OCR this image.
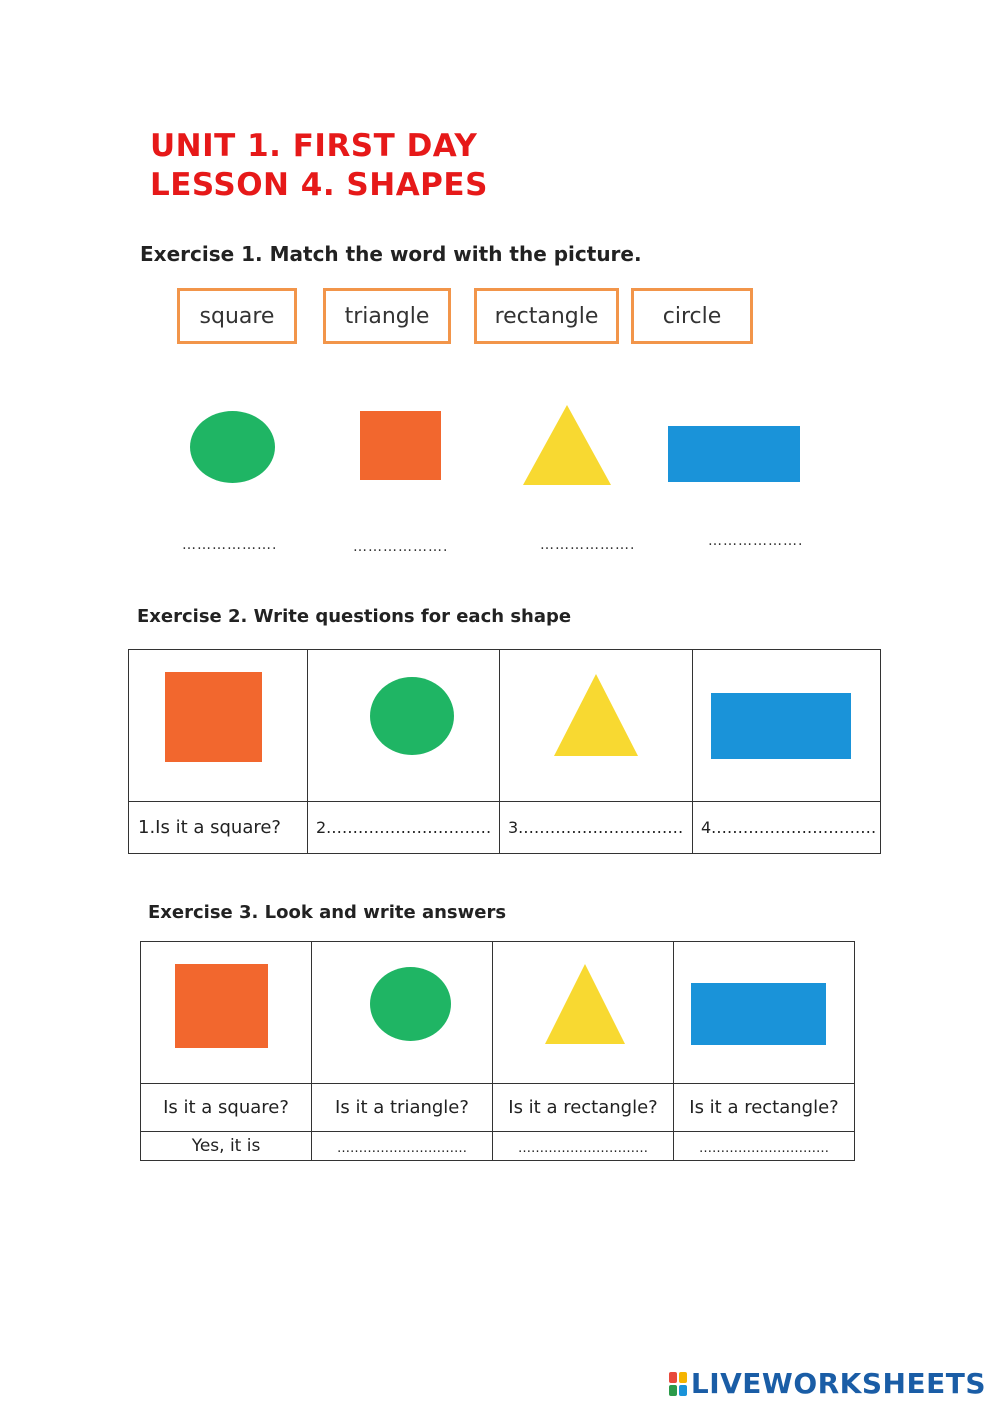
UNIT 1. FIRST DAY
LESSON 4. SHAPES
Exercise 1. Match the word with the picture.
square	triangle	rectangle	circle
……………….	……………….	……………….	……………….
Exercise 2. Write questions for each shape

1.Is it a square?	2.…………………………	3.…………………………	4.…………………………
Exercise 3. Look and write answers

Is it a square?	Is it a triangle?	Is it a rectangle?	Is it a rectangle?
Yes, it is	…………………………	…………………………	…………………………
LIVEWORKSHEETS
